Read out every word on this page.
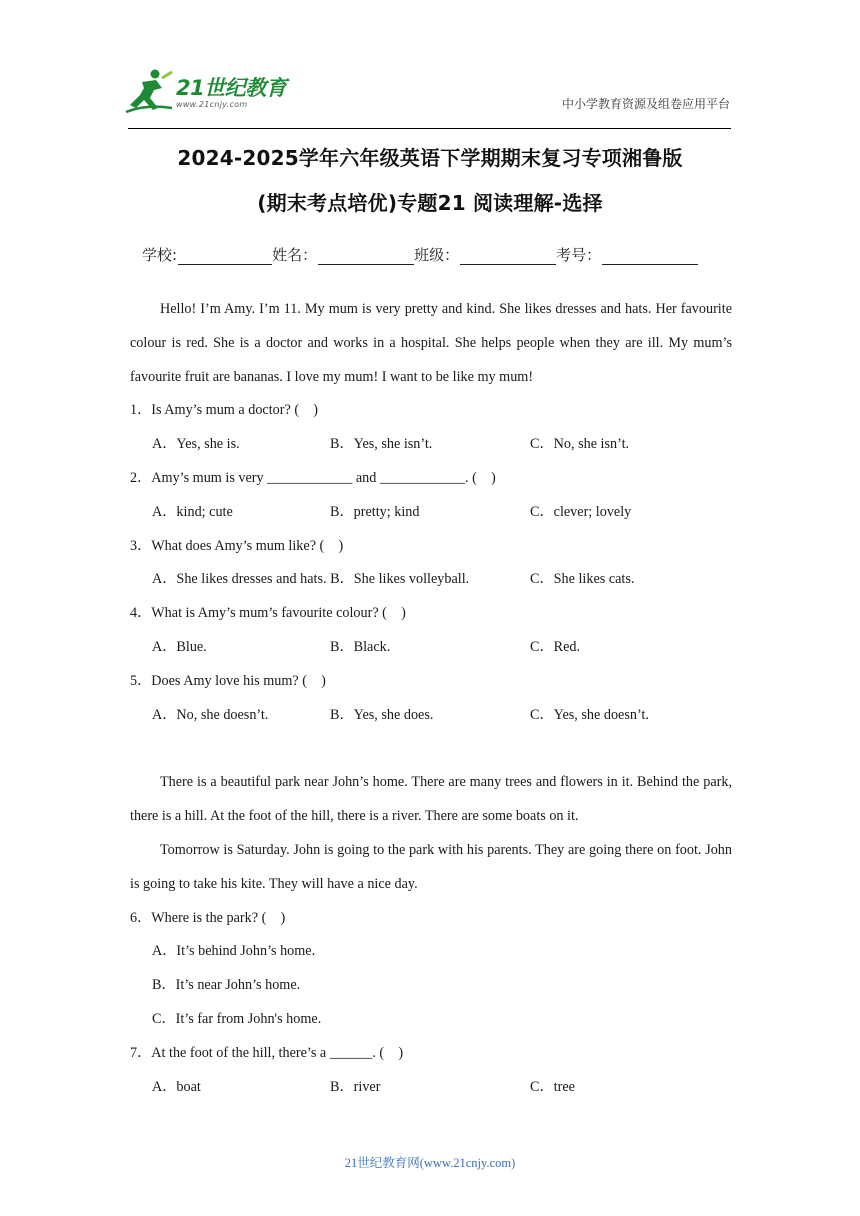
21世纪教育
www.21cnjy.com	中小学教育资源及组卷应用平台
2024-2025学年六年级英语下学期期末复习专项湘鲁版
(期末考点培优)专题21 阅读理解-选择
学校:	姓名：	班级：	考号：

Hello! I’m Amy. I’m 11. My mum is very pretty and kind. She likes dresses and hats. Her favourite colour is red. She is a doctor and works in a hospital. She helps people when they are ill. My mum’s favourite fruit are bananas. I love my mum! I want to be like my mum!

1．Is Amy’s mum a doctor? (　)

A．Yes, she is.	B．Yes, she isn’t.	C．No, she isn’t.

2．Amy’s mum is very ____________ and ____________. (　)

A．kind; cute	B．pretty; kind	C．clever; lovely

3．What does Amy’s mum like? (　)

A．She likes dresses and hats. B．She likes volleyball.	C．She likes cats.

4．What is Amy’s mum’s favourite colour? (　)

A．Blue.	B．Black.	C．Red.

5．Does Amy love his mum? (　)

A．No, she doesn’t.	B．Yes, she does.	C．Yes, she doesn’t.

There is a beautiful park near John’s home. There are many trees and flowers in it. Behind the park, there is a hill. At the foot of the hill, there is a river. There are some boats on it.

Tomorrow is Saturday. John is going to the park with his parents. They are going there on foot. John is going to take his kite. They will have a nice day.

6．Where is the park? (　)

A．It’s behind John’s home.

B．It’s near John’s home.

C．It’s far from John's home.

7．At the foot of the hill, there’s a ______. (　)

A．boat	B．river	C．tree
21世纪教育网(www.21cnjy.com)
